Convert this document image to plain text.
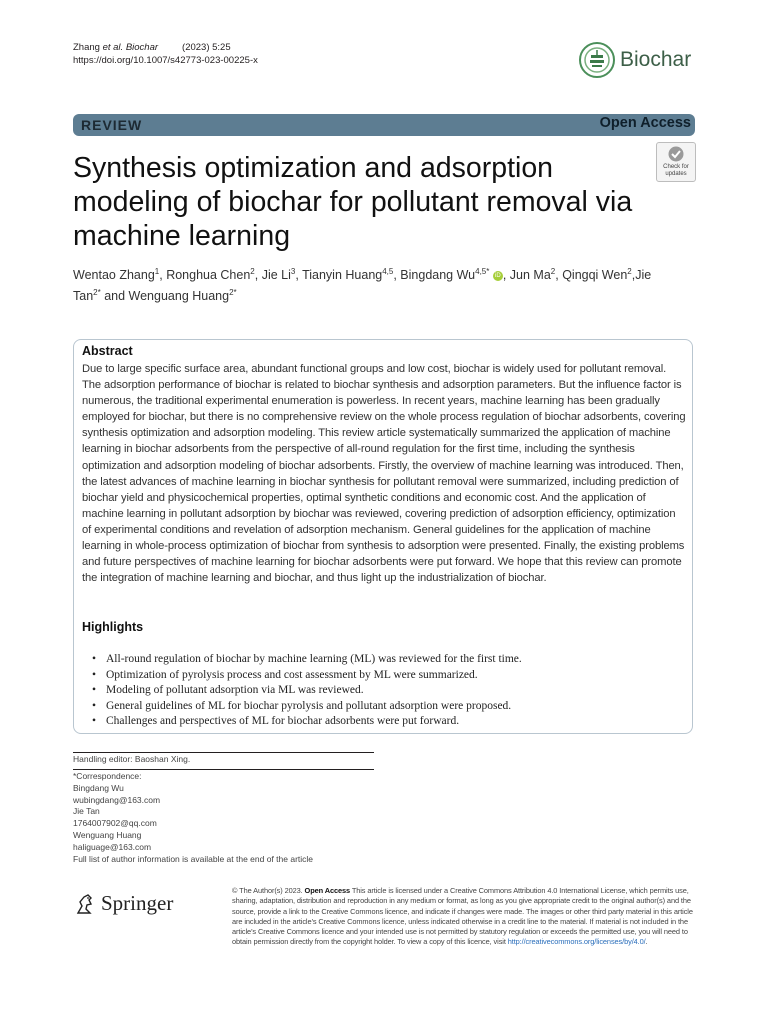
Zhang et al. Biochar	(2023) 5:25
https://doi.org/10.1007/s42773-023-00225-x	Biochar
REVIEW	Open Access
Synthesis optimization and adsorption modeling of biochar for pollutant removal via machine learning
Check for
updates
Wentao Zhang$^1$, Ronghua Chen$^2$, Jie Li$^3$, Tianyin Huang$^{4,5}$, Bingdang $Wu^{4,5*}$ iD , Jun Ma$^2$, Qingqi Wen$^2$,Jie Tan$^{2*}$ and Wenguang Huang$^{2*}$
Abstract

Due to large specific surface area, abundant functional groups and low cost, biochar is widely used for pollutant removal. The adsorption performance of biochar is related to biochar synthesis and adsorption parameters. But the influence factor is numerous, the traditional experimental enumeration is powerless. In recent years, machine learning has been gradually employed for biochar, but there is no comprehensive review on the whole process regulation of biochar adsorbents, covering synthesis optimization and adsorption modeling. This review article systematically summarized the application of machine learning in biochar adsorbents from the perspective of all-round regulation for the first time, including the synthesis optimization and adsorption modeling of biochar adsorbents. Firstly, the overview of machine learning was introduced. Then, the latest advances of machine learning in biochar synthesis for pollutant removal were summarized, including prediction of biochar yield and physicochemical properties, optimal synthetic conditions and economic cost. And the application of machine learning in pollutant adsorption by biochar was reviewed, covering prediction of adsorption efficiency, optimization of experimental conditions and revelation of adsorption mechanism. General guidelines for the application of machine learning in whole-process optimization of biochar from synthesis to adsorption were presented. Finally, the existing problems and future perspectives of machine learning for biochar adsorbents were put forward. We hope that this review can promote the integration of machine learning and biochar, and thus light up the industrialization of biochar.

Highlights
• All-round regulation of biochar by machine learning (ML) was reviewed for the first time.
• Optimization of pyrolysis process and cost assessment by ML were summarized.
• Modeling of pollutant adsorption via ML was reviewed.
• General guidelines of ML for biochar pyrolysis and pollutant adsorption were proposed.
• Challenges and perspectives of ML for biochar adsorbents were put forward.
Handling editor: Baoshan Xing.
*Correspondence:
Bingdang Wu
wubingdang@163.com
Jie Tan
1764007902@qq.com
Wenguang Huang
haliguage@163.com
Full list of author information is available at the end of the article
Springer

© The Author(s) 2023. Open Access This article is licensed under a Creative Commons Attribution 4.0 International License, which permits use, sharing, adaptation, distribution and reproduction in any medium or format, as long as you give appropriate credit to the original author(s) and the source, provide a link to the Creative Commons licence, and indicate if changes were made. The images or other third party material in this article are included in the article’s Creative Commons licence, unless indicated otherwise in a credit line to the material. If material is not included in the article’s Creative Commons licence and your intended use is not permitted by statutory regulation or exceeds the permitted use, you will need to obtain permission directly from the copyright holder. To view a copy of this licence, visit http://creativecommons.org/licenses/by/4.0/.
